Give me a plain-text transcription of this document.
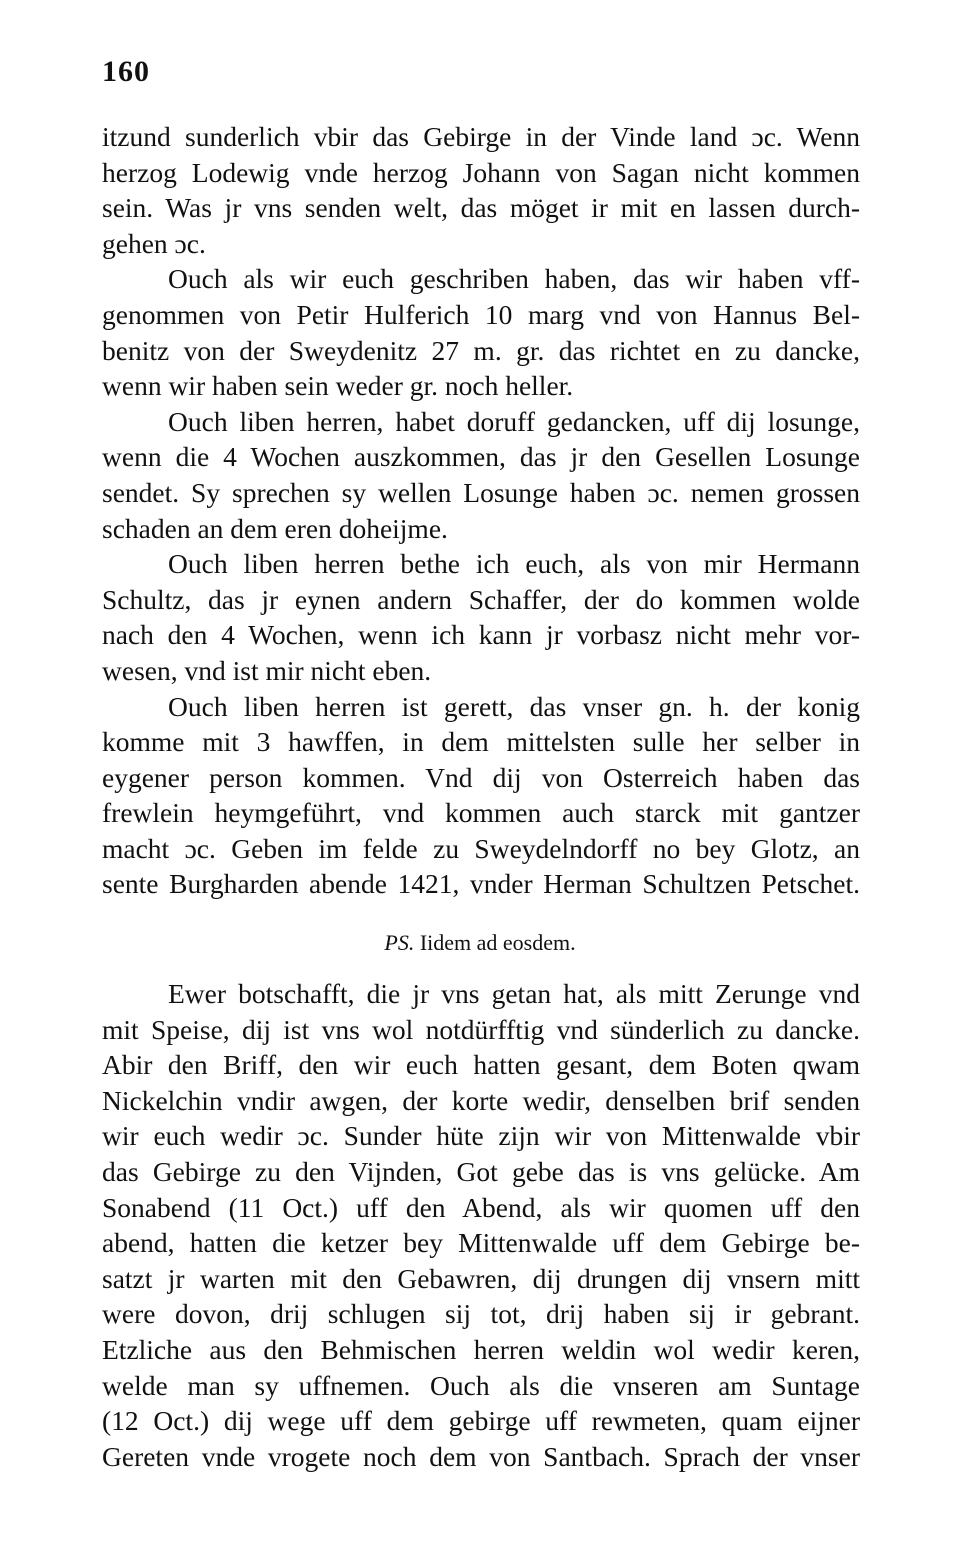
160
itzund sunderlich vbir das Gebirge in der Vinde land ɔc. Wenn
herzog Lodewig vnde herzog Johann von Sagan nicht kommen
sein. Was jr vns senden welt, das möget ir mit en lassen durch-
gehen ɔc.
Ouch als wir euch geschriben haben, das wir haben vff-
genommen von Petir Hulferich 10 marg vnd von Hannus Bel-
benitz von der Sweydenitz 27 m. gr. das richtet en zu dancke,
wenn wir haben sein weder gr. noch heller.
Ouch liben herren, habet doruff gedancken, uff dij losunge,
wenn die 4 Wochen auszkommen, das jr den Gesellen Losunge
sendet. Sy sprechen sy wellen Losunge haben ɔc. nemen grossen
schaden an dem eren doheijme.
Ouch liben herren bethe ich euch, als von mir Hermann
Schultz, das jr eynen andern Schaffer, der do kommen wolde
nach den 4 Wochen, wenn ich kann jr vorbasz nicht mehr vor-
wesen, vnd ist mir nicht eben.
Ouch liben herren ist gerett, das vnser gn. h. der konig
komme mit 3 hawffen, in dem mittelsten sulle her selber in
eygener person kommen. Vnd dij von Osterreich haben das
frewlein heymgeführt, vnd kommen auch starck mit gantzer
macht ɔc. Geben im felde zu Sweydelndorff no bey Glotz, an
sente Burgharden abende 1421, vnder Herman Schultzen Petschet.
PS. Iidem ad eosdem.
Ewer botschafft, die jr vns getan hat, als mitt Zerunge vnd
mit Speise, dij ist vns wol notdürfftig vnd sünderlich zu dancke.
Abir den Briff, den wir euch hatten gesant, dem Boten qwam
Nickelchin vndir awgen, der korte wedir, denselben brif senden
wir euch wedir ɔc. Sunder hüte zijn wir von Mittenwalde vbir
das Gebirge zu den Vijnden, Got gebe das is vns gelücke. Am
Sonabend (11 Oct.) uff den Abend, als wir quomen uff den
abend, hatten die ketzer bey Mittenwalde uff dem Gebirge be-
satzt jr warten mit den Gebawren, dij drungen dij vnsern mitt
were dovon, drij schlugen sij tot, drij haben sij ir gebrant.
Etzliche aus den Behmischen herren weldin wol wedir keren,
welde man sy uffnemen. Ouch als die vnseren am Suntage
(12 Oct.) dij wege uff dem gebirge uff rewmeten, quam eijner
Gereten vnde vrogete noch dem von Santbach. Sprach der vnser
